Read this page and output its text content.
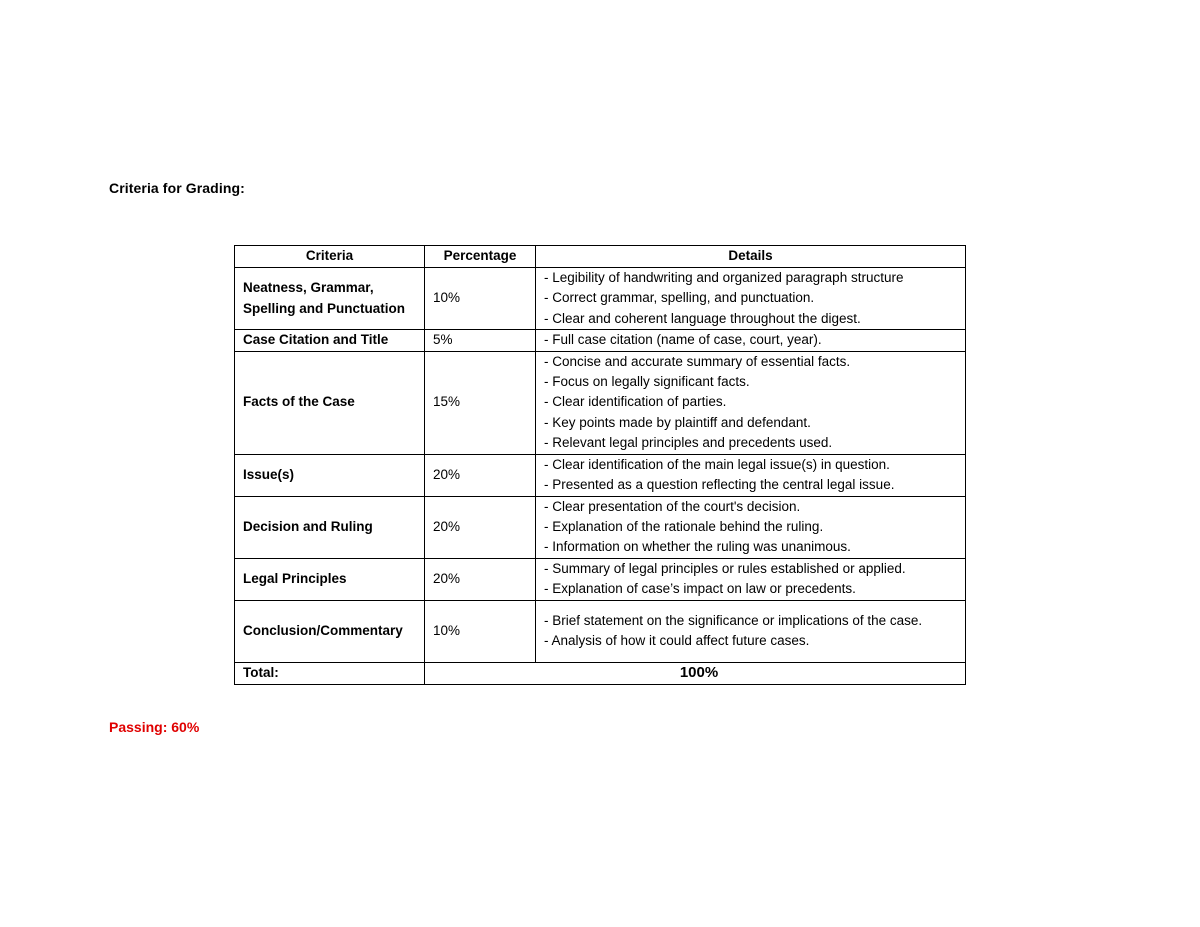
Criteria for Grading:
Criteria	Percentage	Details
Neatness, Grammar, Spelling and Punctuation	10%	- Legibility of handwriting and organized paragraph structure
- Correct grammar, spelling, and punctuation.
- Clear and coherent language throughout the digest.

Case Citation and Title	5%	- Full case citation (name of case, court, year).

Facts of the Case	15%	- Concise and accurate summary of essential facts.
- Focus on legally significant facts.
- Clear identification of parties.
- Key points made by plaintiff and defendant.
- Relevant legal principles and precedents used.

Issue(s)	20%	- Clear identification of the main legal issue(s) in question.
- Presented as a question reflecting the central legal issue.

Decision and Ruling	20%	- Clear presentation of the court's decision.
- Explanation of the rationale behind the ruling.
- Information on whether the ruling was unanimous.

Legal Principles	20%	- Summary of legal principles or rules established or applied.
- Explanation of case’s impact on law or precedents.

Conclusion/Commentary	10%	- Brief statement on the significance or implications of the case.
- Analysis of how it could affect future cases.

Total:	100%	
Passing: 60%
